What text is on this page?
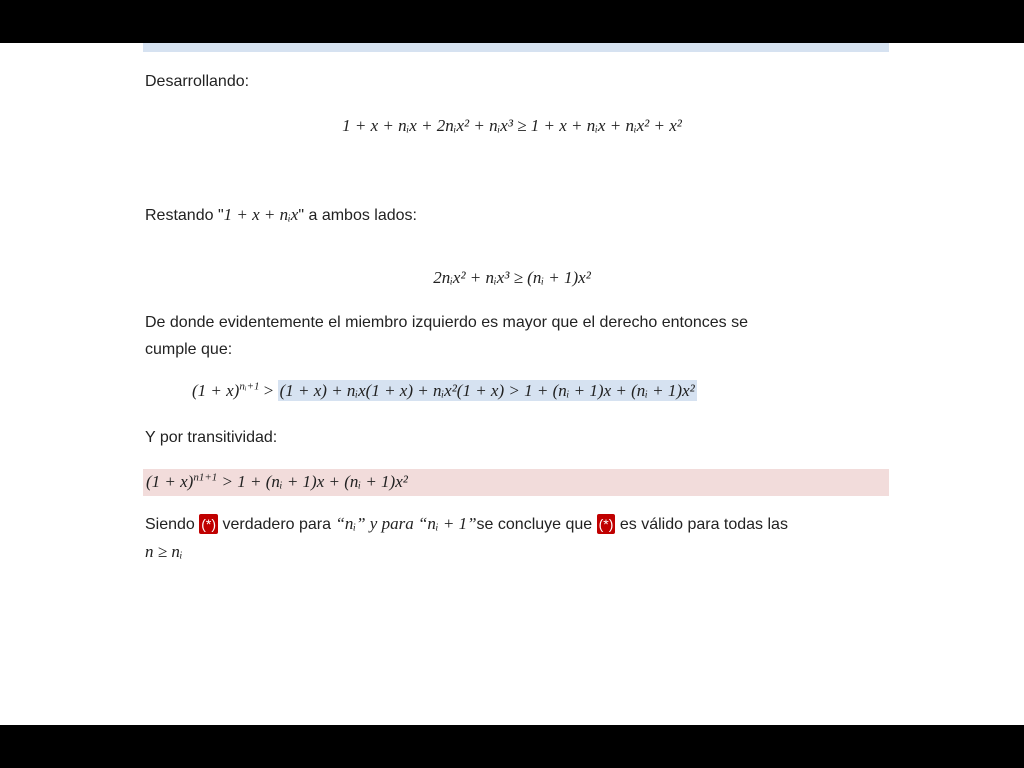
Desarrollando:
1 + x + nᵢx + 2nᵢx² + nᵢx³ ≥ 1 + x + nᵢx + nᵢx² + x²
Restando "1 + x + nᵢx" a ambos lados:
2nᵢx² + nᵢx³ ≥ (nᵢ + 1)x²
De donde evidentemente el miembro izquierdo es mayor que el derecho entonces se
cumple que:
$(1 + x)^{nᵢ+1} > (1 + x)$ + nᵢx(1 + x) + nᵢx²(1 + x) > 1 + (nᵢ + 1)x + (nᵢ + 1)x²
Y por transitividad:
$(1 + x)^{n1+1} > 1$ + (nᵢ + 1)x + (nᵢ + 1)x²
Siendo (*) verdadero para “nᵢ” y para “nᵢ + 1”se concluye que (*) es válido para todas las
n ≥ nᵢ
